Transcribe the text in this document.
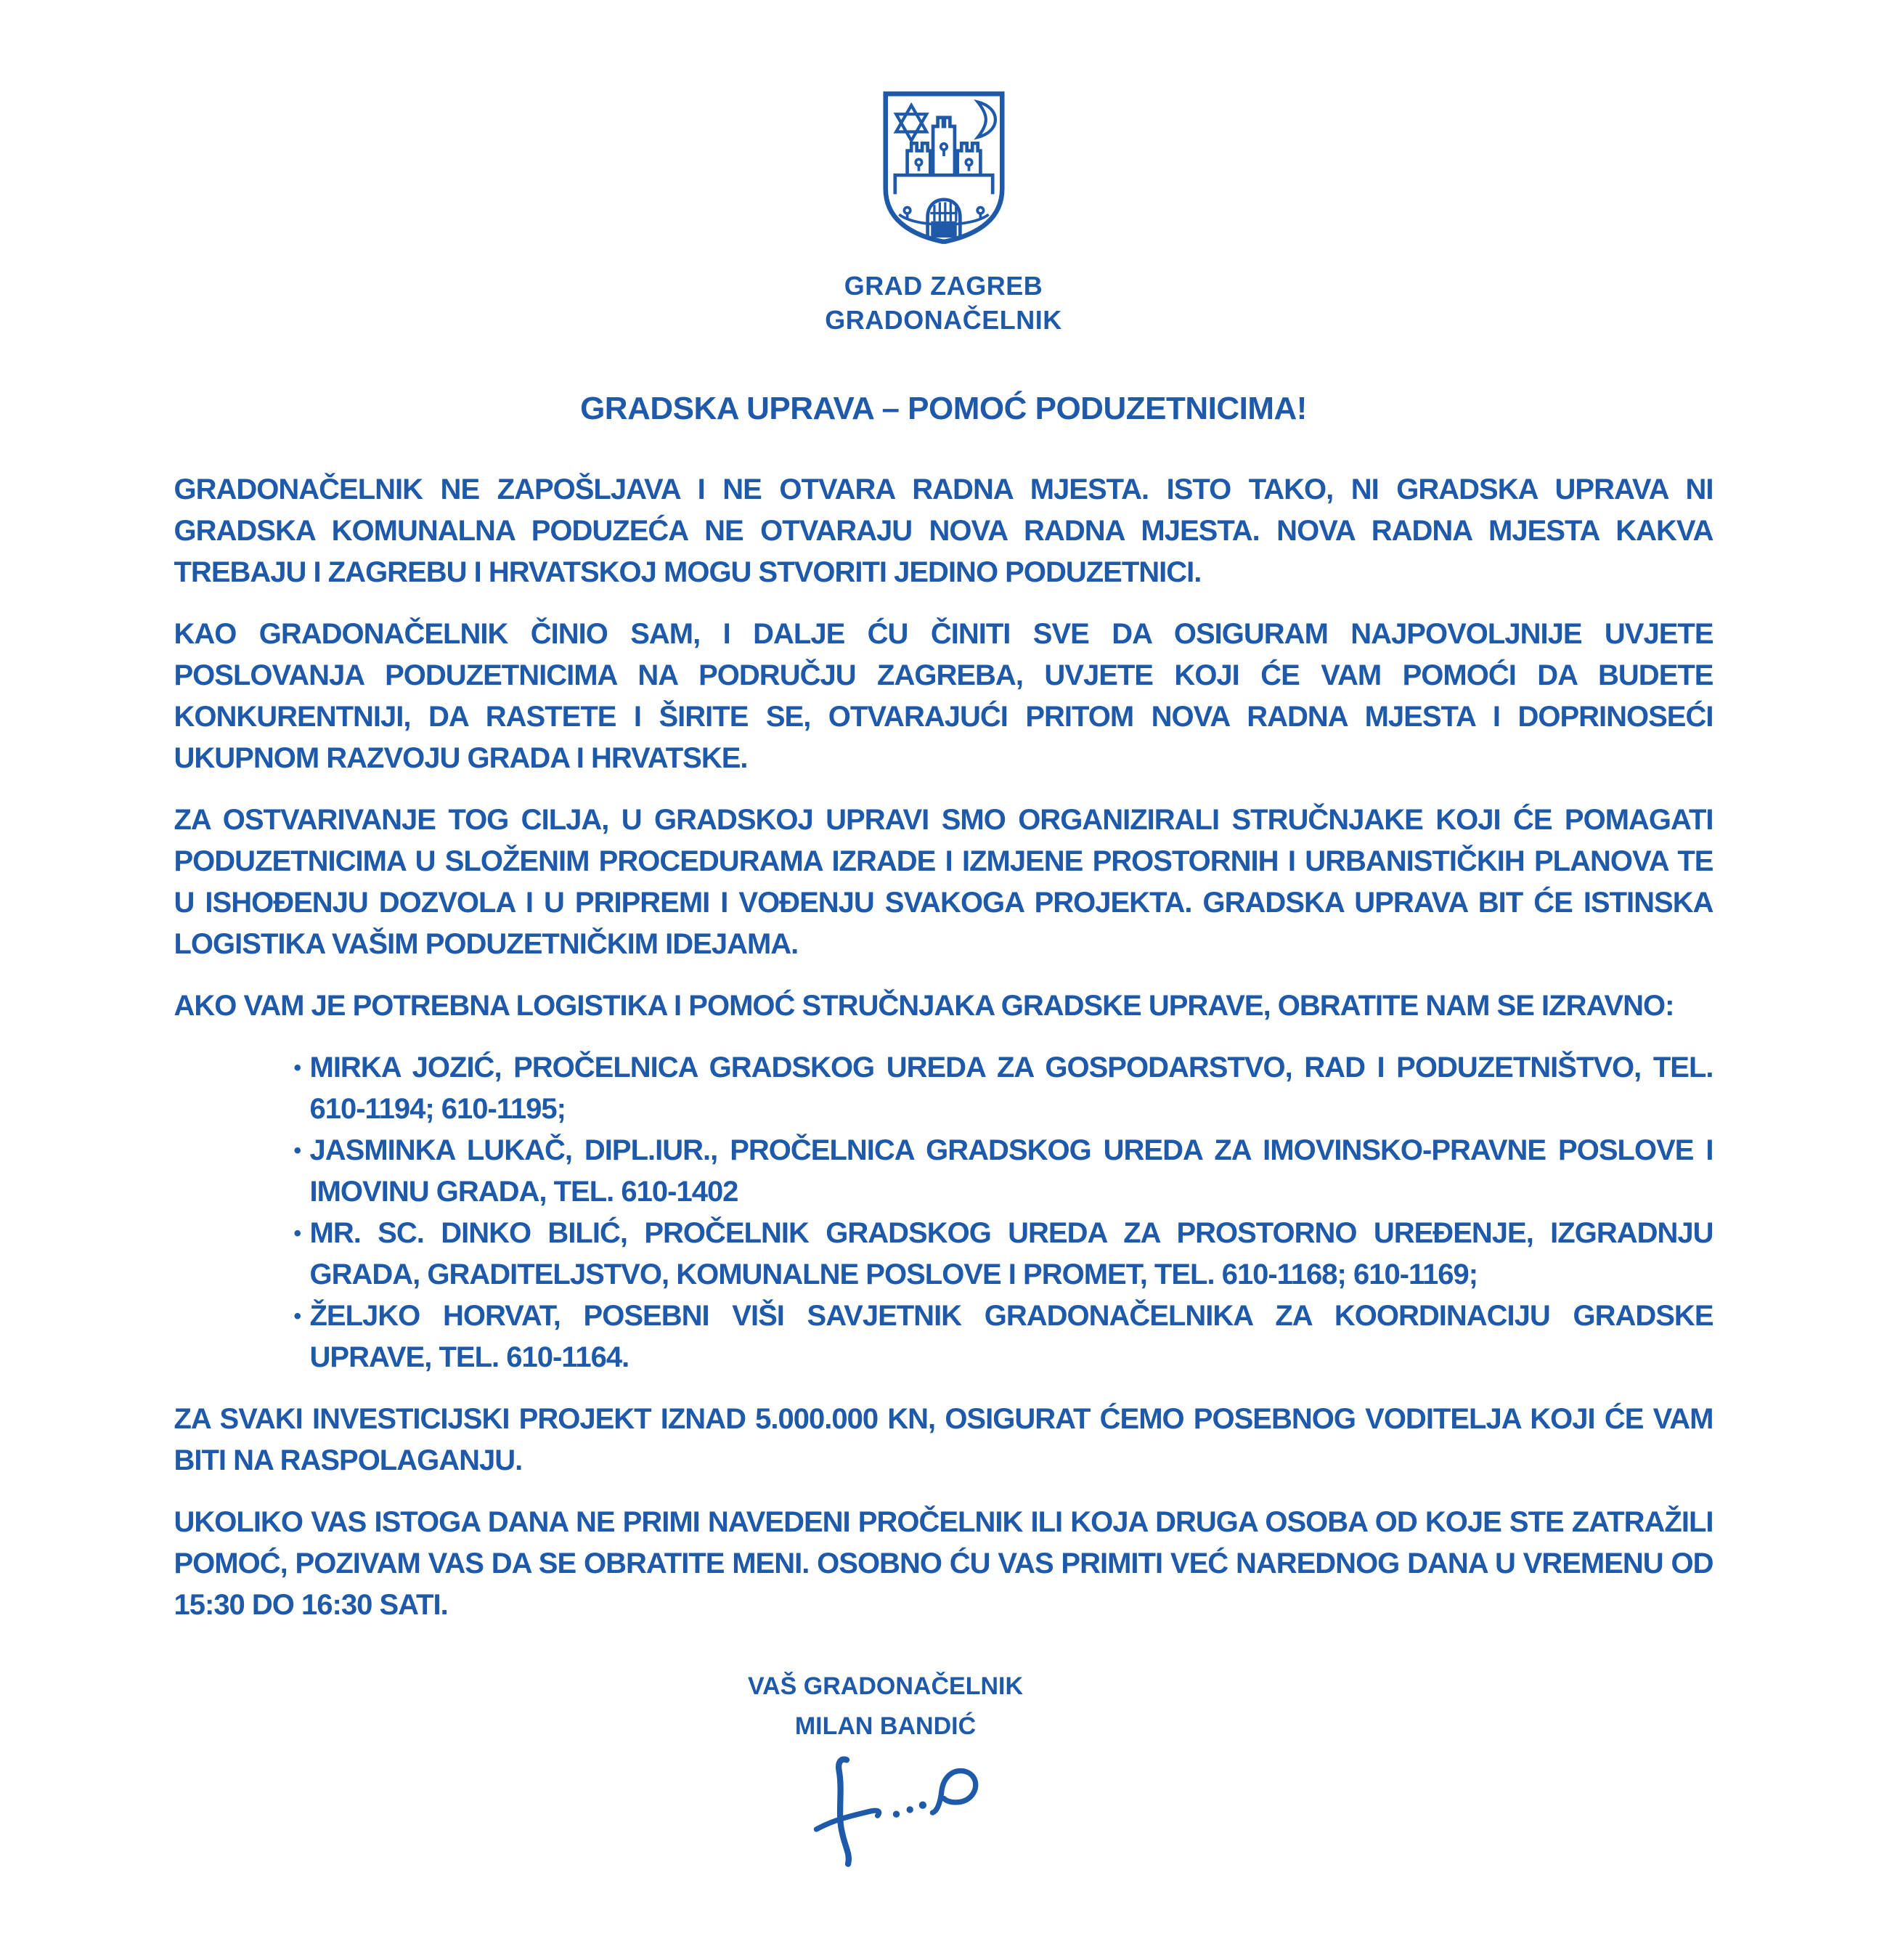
GRAD ZAGREB
GRADONAČELNIK
GRADSKA UPRAVA – POMOĆ PODUZETNICIMA!

GRADONAČELNIK NE ZAPOŠLJAVA I NE OTVARA RADNA MJESTA. ISTO TAKO, NI GRADSKA UPRAVA NI GRADSKA KOMUNALNA PODUZEĆA NE OTVARAJU NOVA RADNA MJESTA. NOVA RADNA MJESTA KAKVA TREBAJU I ZAGREBU I HRVATSKOJ MOGU STVORITI JEDINO PODUZETNICI.

KAO GRADONAČELNIK ČINIO SAM, I DALJE ĆU ČINITI SVE DA OSIGURAM NAJPOVOLJNIJE UVJETE POSLOVANJA PODUZETNICIMA NA PODRUČJU ZAGREBA, UVJETE KOJI ĆE VAM POMOĆI DA BUDETE KONKURENTNIJI, DA RASTETE I ŠIRITE SE, OTVARAJUĆI PRITOM NOVA RADNA MJESTA I DOPRINOSEĆI UKUPNOM RAZVOJU GRADA I HRVATSKE.

ZA OSTVARIVANJE TOG CILJA, U GRADSKOJ UPRAVI SMO ORGANIZIRALI STRUČNJAKE KOJI ĆE POMAGATI PODUZETNICIMA U SLOŽENIM PROCEDURAMA IZRADE I IZMJENE PROSTORNIH I URBANISTIČKIH PLANOVA TE U ISHOĐENJU DOZVOLA I U PRIPREMI I VOĐENJU SVAKOGA PROJEKTA. GRADSKA UPRAVA BIT ĆE ISTINSKA LOGISTIKA VAŠIM PODUZETNIČKIM IDEJAMA.

AKO VAM JE POTREBNA LOGISTIKA I POMOĆ STRUČNJAKA GRADSKE UPRAVE, OBRATITE NAM SE IZRAVNO:

• MIRKA JOZIĆ, PROČELNICA GRADSKOG UREDA ZA GOSPODARSTVO, RAD I PODUZETNIŠTVO, TEL. 610-1194; 610-1195;
• JASMINKA LUKAČ, DIPL.IUR., PROČELNICA GRADSKOG UREDA ZA IMOVINSKO-PRAVNE POSLOVE I IMOVINU GRADA, TEL. 610-1402
• MR. SC. DINKO BILIĆ, PROČELNIK GRADSKOG UREDA ZA PROSTORNO UREĐENJE, IZGRADNJU GRADA, GRADITELJSTVO, KOMUNALNE POSLOVE I PROMET, TEL. 610-1168; 610-1169;
• ŽELJKO HORVAT, POSEBNI VIŠI SAVJETNIK GRADONAČELNIKA ZA KOORDINACIJU GRADSKE UPRAVE, TEL. 610-1164.

ZA SVAKI INVESTICIJSKI PROJEKT IZNAD 5.000.000 KN, OSIGURAT ĆEMO POSEBNOG VODITELJA KOJI ĆE VAM BITI NA RASPOLAGANJU.

UKOLIKO VAS ISTOGA DANA NE PRIMI NAVEDENI PROČELNIK ILI KOJA DRUGA OSOBA OD KOJE STE ZATRAŽILI POMOĆ, POZIVAM VAS DA SE OBRATITE MENI. OSOBNO ĆU VAS PRIMITI VEĆ NAREDNOG DANA U VREMENU OD 15:30 DO 16:30 SATI.

VAŠ GRADONAČELNIK
MILAN BANDIĆ
